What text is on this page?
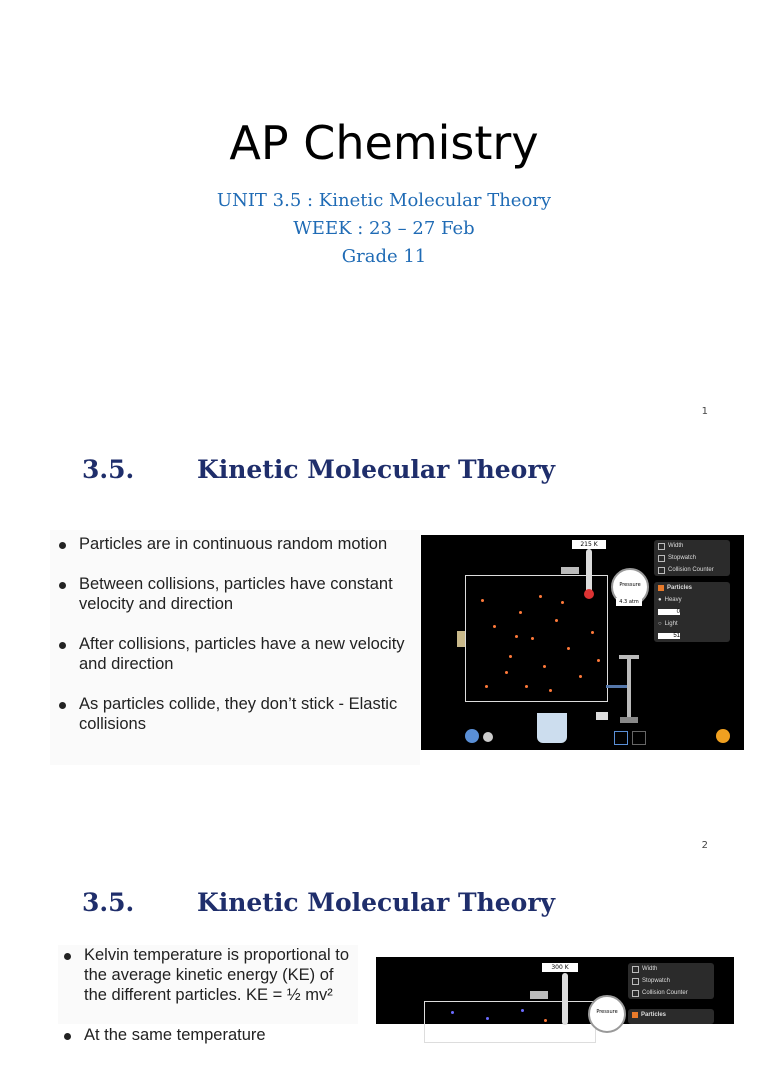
AP Chemistry
UNIT 3.5 : Kinetic Molecular Theory
WEEK : 23 – 27 Feb
Grade 11
1
3.5.	Kinetic Molecular Theory
Particles are in continuous random motion
Between collisions, particles have constant velocity and direction
After collisions, particles have a new velocity and direction
As particles collide, they don’t stick - Elastic collisions
215 K
Pressure
4.3 atm
Width
Stopwatch
Collision Counter
Particles
● Heavy
0
○ Light
51
2
3.5.	Kinetic Molecular Theory
Kelvin temperature is proportional to the average kinetic energy (KE) of the different particles. KE = ½ mv²
At the same temperature
300 K
Pressure
Width
Stopwatch
Collision Counter
Particles
